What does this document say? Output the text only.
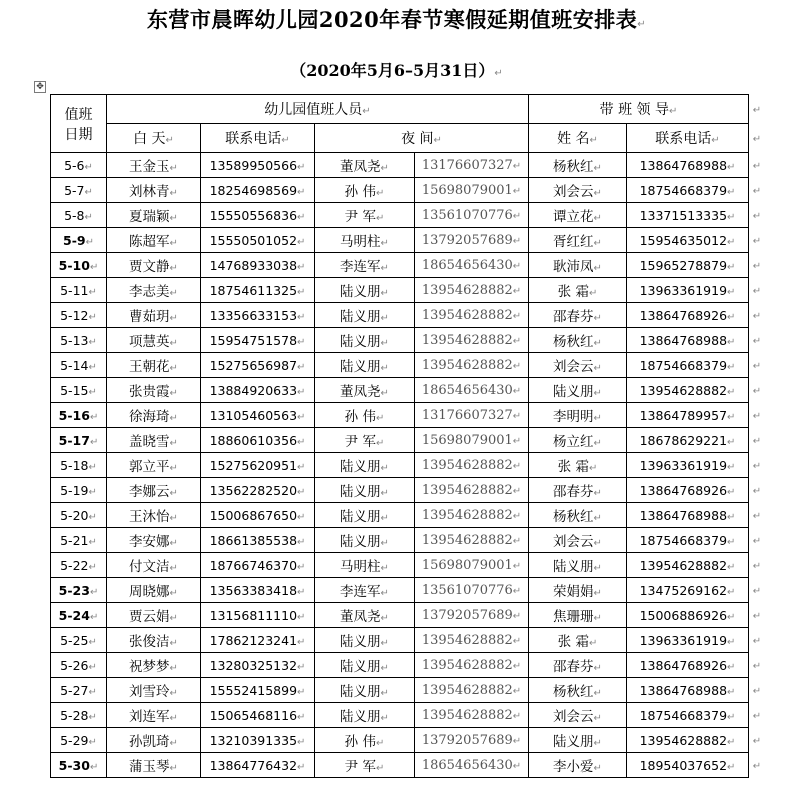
东营市晨晖幼儿园2020年春节寒假延期值班安排表↵
（2020年5月6–5月31日）↵
✥
值班
日期	幼儿园值班人员↵				带 班 领 导↵		↵
	白 天↵	联系电话↵	夜 间↵		姓 名↵	联系电话↵	↵
5-6↵	王金玉↵	13589950566↵	董凤尧↵	13176607327↵	杨秋红↵	13864768988↵	↵
5-7↵	刘林青↵	18254698569↵	孙 伟↵	15698079001↵	刘会云↵	18754668379↵	↵
5-8↵	夏瑞颖↵	15550556836↵	尹 军↵	13561070776↵	谭立花↵	13371513335↵	↵
5-9↵	陈超军↵	15550501052↵	马明柱↵	13792057689↵	胥红红↵	15954635012↵	↵
5-10↵	贾文静↵	14768933038↵	李连军↵	18654656430↵	耿沛凤↵	15965278879↵	↵
5-11↵	李志美↵	18754611325↵	陆义朋↵	13954628882↵	张 霜↵	13963361919↵	↵
5-12↵	曹茹玥↵	13356633153↵	陆义朋↵	13954628882↵	邵春芬↵	13864768926↵	↵
5-13↵	项慧英↵	15954751578↵	陆义朋↵	13954628882↵	杨秋红↵	13864768988↵	↵
5-14↵	王朝花↵	15275656987↵	陆义朋↵	13954628882↵	刘会云↵	18754668379↵	↵
5-15↵	张贵霞↵	13884920633↵	董凤尧↵	18654656430↵	陆义朋↵	13954628882↵	↵
5-16↵	徐海琦↵	13105460563↵	孙 伟↵	13176607327↵	李明明↵	13864789957↵	↵
5-17↵	盖晓雪↵	18860610356↵	尹 军↵	15698079001↵	杨立红↵	18678629221↵	↵
5-18↵	郭立平↵	15275620951↵	陆义朋↵	13954628882↵	张 霜↵	13963361919↵	↵
5-19↵	李娜云↵	13562282520↵	陆义朋↵	13954628882↵	邵春芬↵	13864768926↵	↵
5-20↵	王沐怡↵	15006867650↵	陆义朋↵	13954628882↵	杨秋红↵	13864768988↵	↵
5-21↵	李安娜↵	18661385538↵	陆义朋↵	13954628882↵	刘会云↵	18754668379↵	↵
5-22↵	付文洁↵	18766746370↵	马明柱↵	15698079001↵	陆义朋↵	13954628882↵	↵
5-23↵	周晓娜↵	13563383418↵	李连军↵	13561070776↵	荣娟娟↵	13475269162↵	↵
5-24↵	贾云娟↵	13156811110↵	董凤尧↵	13792057689↵	焦珊珊↵	15006886926↵	↵
5-25↵	张俊洁↵	17862123241↵	陆义朋↵	13954628882↵	张 霜↵	13963361919↵	↵
5-26↵	祝梦梦↵	13280325132↵	陆义朋↵	13954628882↵	邵春芬↵	13864768926↵	↵
5-27↵	刘雪玲↵	15552415899↵	陆义朋↵	13954628882↵	杨秋红↵	13864768988↵	↵
5-28↵	刘连军↵	15065468116↵	陆义朋↵	13954628882↵	刘会云↵	18754668379↵	↵
5-29↵	孙凯琦↵	13210391335↵	孙 伟↵	13792057689↵	陆义朋↵	13954628882↵	↵
5-30↵	蒲玉琴↵	13864776432↵	尹 军↵	18654656430↵	李小爱↵	18954037652↵	↵
